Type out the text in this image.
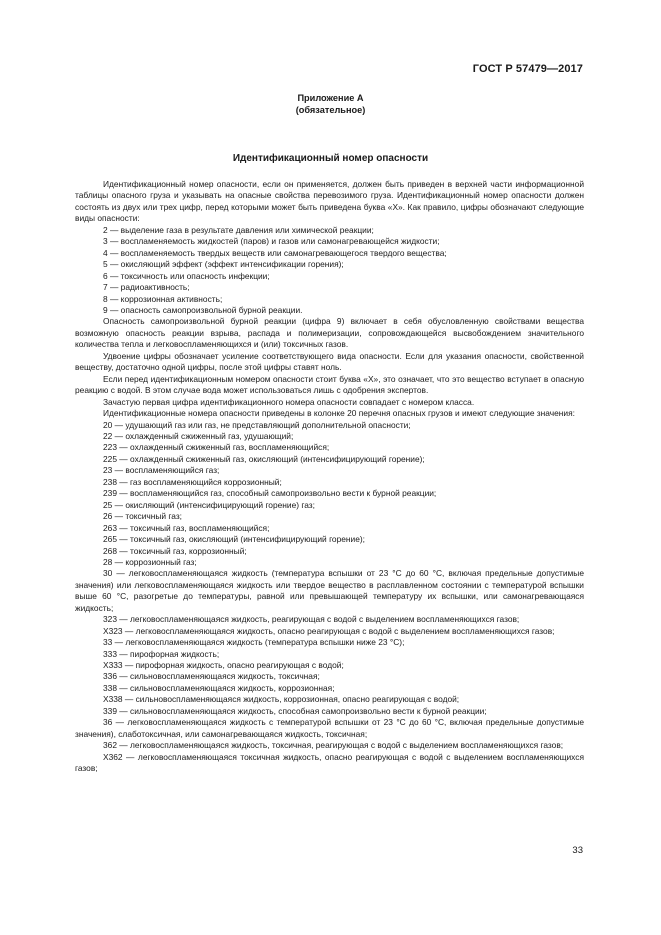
ГОСТ Р 57479—2017
Приложение А
(обязательное)
Идентификационный номер опасности

Идентификационный номер опасности, если он применяется, должен быть приведен в верхней части информационной таблицы опасного груза и указывать на опасные свойства перевозимого груза. Идентификационный номер опасности должен состоять из двух или трех цифр, перед которыми может быть приведена буква «Х». Как правило, цифры обозначают следующие виды опасности:

2 — выделение газа в результате давления или химической реакции;

3 — воспламеняемость жидкостей (паров) и газов или самонагревающейся жидкости;

4 — воспламеняемость твердых веществ или самонагревающегося твердого вещества;

5 — окисляющий эффект (эффект интенсификации горения);

6 — токсичность или опасность инфекции;

7 — радиоактивность;

8 — коррозионная активность;

9 — опасность самопроизвольной бурной реакции.

Опасность самопроизвольной бурной реакции (цифра 9) включает в себя обусловленную свойствами вещества возможную опасность реакции взрыва, распада и полимеризации, сопровождающейся высвобождением значительного количества тепла и легковоспламеняющихся и (или) токсичных газов.

Удвоение цифры обозначает усиление соответствующего вида опасности. Если для указания опасности, свойственной веществу, достаточно одной цифры, после этой цифры ставят ноль.

Если перед идентификационным номером опасности стоит буква «Х», это означает, что это вещество вступает в опасную реакцию с водой. В этом случае вода может использоваться лишь с одобрения экспертов.

Зачастую первая цифра идентификационного номера опасности совпадает с номером класса.

Идентификационные номера опасности приведены в колонке 20 перечня опасных грузов и имеют следующие значения:

20 — удушающий газ или газ, не представляющий дополнительной опасности;

22 — охлажденный сжиженный газ, удушающий;

223 — охлажденный сжиженный газ, воспламеняющийся;

225 — охлажденный сжиженный газ, окисляющий (интенсифицирующий горение);

23 — воспламеняющийся газ;

238 — газ воспламеняющийся коррозионный;

239 — воспламеняющийся газ, способный самопроизвольно вести к бурной реакции;

25 — окисляющий (интенсифицирующий горение) газ;

26 — токсичный газ;

263 — токсичный газ, воспламеняющийся;

265 — токсичный газ, окисляющий (интенсифицирующий горение);

268 — токсичный газ, коррозионный;

28 — коррозионный газ;

30 — легковоспламеняющаяся жидкость (температура вспышки от 23 °С до 60 °С, включая предельные допустимые значения) или легковоспламеняющаяся жидкость или твердое вещество в расплавленном состоянии с температурой вспышки выше 60 °С, разогретые до температуры, равной или превышающей температуру их вспышки, или самонагревающаяся жидкость;

323 — легковоспламеняющаяся жидкость, реагирующая с водой с выделением воспламеняющихся газов;

Х323 — легковоспламеняющаяся жидкость, опасно реагирующая с водой с выделением воспламеняющихся газов;

33 — легковоспламеняющаяся жидкость (температура вспышки ниже 23 °С);

333 — пирофорная жидкость;

Х333 — пирофорная жидкость, опасно реагирующая с водой;

336 — сильновоспламеняющаяся жидкость, токсичная;

338 — сильновоспламеняющаяся жидкость, коррозионная;

Х338 — сильновоспламеняющаяся жидкость, коррозионная, опасно реагирующая с водой;

339 — сильновоспламеняющаяся жидкость, способная самопроизвольно вести к бурной реакции;

36 — легковоспламеняющаяся жидкость с температурой вспышки от 23 °С до 60 °С, включая предельные допустимые значения), слаботоксичная, или самонагревающаяся жидкость, токсичная;

362 — легковоспламеняющаяся жидкость, токсичная, реагирующая с водой с выделением воспламеняющихся газов;

Х362 — легковоспламеняющаяся токсичная жидкость, опасно реагирующая с водой с выделением воспламеняющихся газов;

33
